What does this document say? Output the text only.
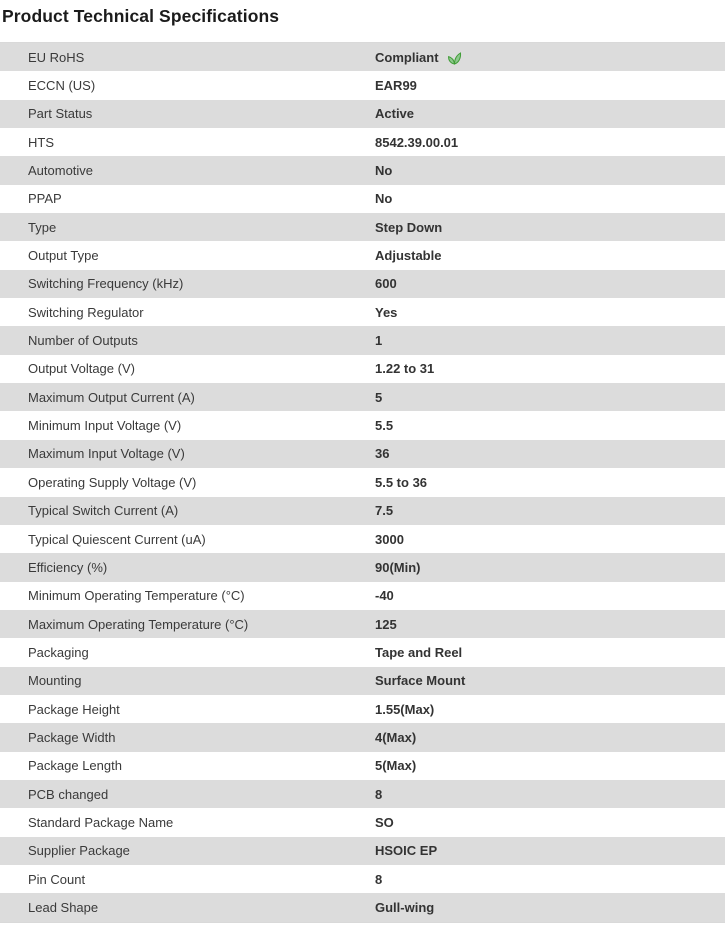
Product Technical Specifications
EU RoHS	Compliant
ECCN (US)	EAR99
Part Status	Active
HTS	8542.39.00.01
Automotive	No
PPAP	No
Type	Step Down
Output Type	Adjustable
Switching Frequency (kHz)	600
Switching Regulator	Yes
Number of Outputs	1
Output Voltage (V)	1.22 to 31
Maximum Output Current (A)	5
Minimum Input Voltage (V)	5.5
Maximum Input Voltage (V)	36
Operating Supply Voltage (V)	5.5 to 36
Typical Switch Current (A)	7.5
Typical Quiescent Current (uA)	3000
Efficiency (%)	90(Min)
Minimum Operating Temperature (°C)	-40
Maximum Operating Temperature (°C)	125
Packaging	Tape and Reel
Mounting	Surface Mount
Package Height	1.55(Max)
Package Width	4(Max)
Package Length	5(Max)
PCB changed	8
Standard Package Name	SO
Supplier Package	HSOIC EP
Pin Count	8
Lead Shape	Gull-wing
